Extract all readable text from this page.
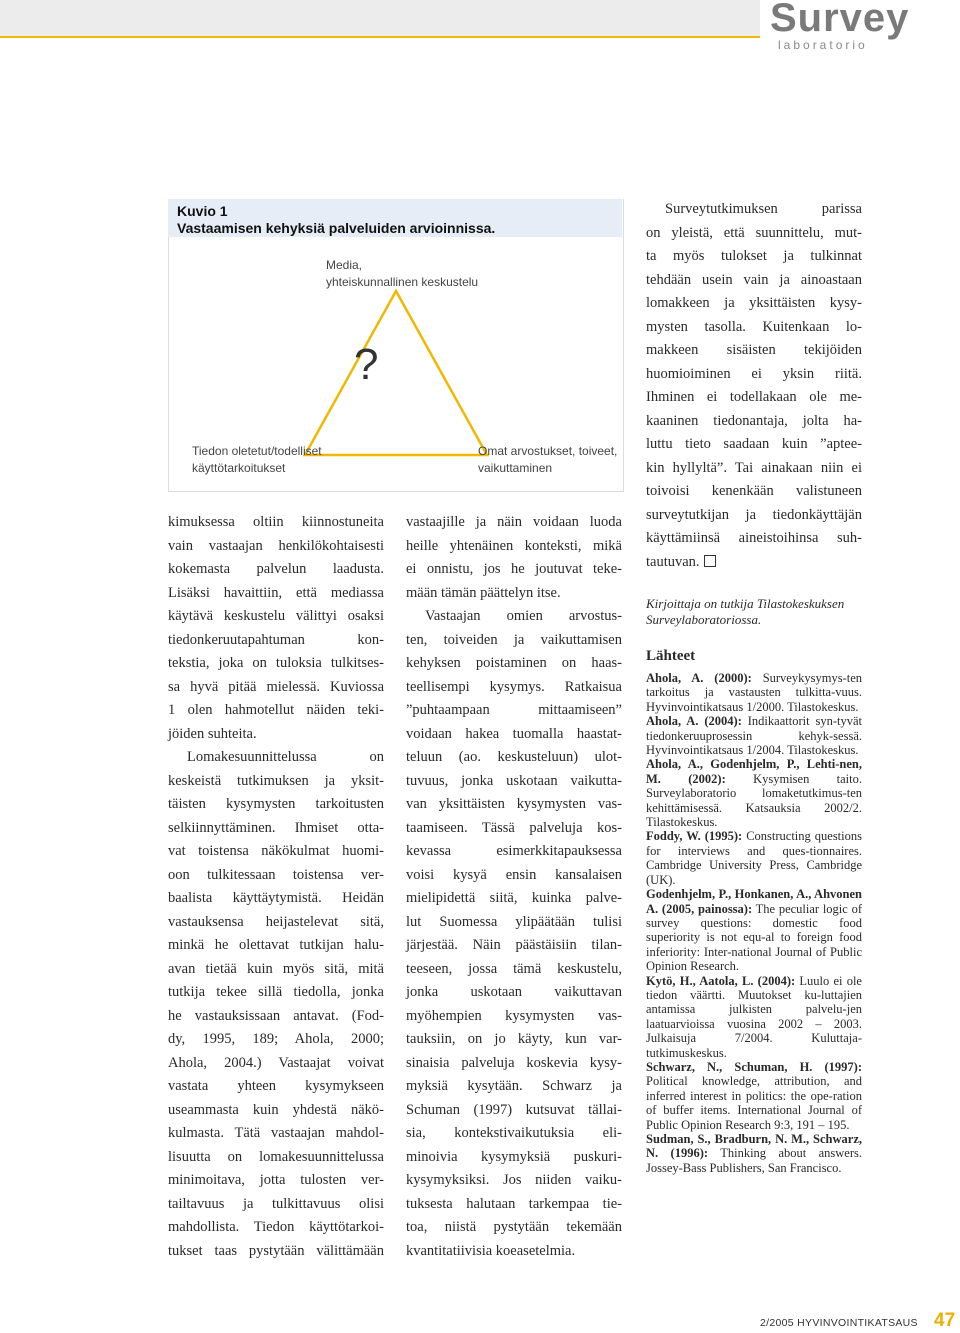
Survey
laboratorio
Kuvio 1
Vastaamisen kehyksiä palveluiden arvioinnissa.
?
Media,
yhteiskunnallinen keskustelu
Tiedon oletetut/todelliset
käyttötarkoitukset
Omat arvostukset, toiveet,
vaikuttaminen

kimuksessa oltiin kiinnostuneita
vain vastaajan henkilökohtaisesti
kokemasta palvelun laadusta.
Lisäksi havaittiin, että mediassa
käytävä keskustelu välittyi osaksi
tiedonkeruutapahtuman kon-
tekstia, joka on tuloksia tulkitses-
sa hyvä pitää mielessä. Kuviossa
1 olen hahmotellut näiden teki-
jöiden suhteita.

Lomakesuunnittelussa on
keskeistä tutkimuksen ja yksit-
täisten kysymysten tarkoitusten
selkiinnyttäminen. Ihmiset otta-
vat toistensa näkökulmat huomi-
oon tulkitessaan toistensa ver-
baalista käyttäytymistä. Heidän
vastauksensa heijastelevat sitä,
minkä he olettavat tutkijan halu-
avan tietää kuin myös sitä, mitä
tutkija tekee sillä tiedolla, jonka
he vastauksissaan antavat. (Fod-
dy, 1995, 189; Ahola, 2000;
Ahola, 2004.) Vastaajat voivat
vastata yhteen kysymykseen
useammasta kuin yhdestä näkö-
kulmasta. Tätä vastaajan mahdol-
lisuutta on lomakesuunnittelussa
minimoitava, jotta tulosten ver-
tailtavuus ja tulkittavuus olisi
mahdollista. Tiedon käyttötarkoi-
tukset taas pystytään välittämään

vastaajille ja näin voidaan luoda
heille yhtenäinen konteksti, mikä
ei onnistu, jos he joutuvat teke-
mään tämän päättelyn itse.

Vastaajan omien arvostus-
ten, toiveiden ja vaikuttamisen
kehyksen poistaminen on haas-
teellisempi kysymys. Ratkaisua
”puhtaampaan mittaamiseen”
voidaan hakea tuomalla haastat-
teluun (ao. keskusteluun) ulot-
tuvuus, jonka uskotaan vaikutta-
van yksittäisten kysymysten vas-
taamiseen. Tässä palveluja kos-
kevassa esimerkkitapauksessa
voisi kysyä ensin kansalaisen
mielipidettä siitä, kuinka palve-
lut Suomessa ylipäätään tulisi
järjestää. Näin päästäisiin tilan-
teeseen, jossa tämä keskustelu,
jonka uskotaan vaikuttavan
myöhempien kysymysten vas-
tauksiin, on jo käyty, kun var-
sinaisia palveluja koskevia kysy-
myksiä kysytään. Schwarz ja
Schuman (1997) kutsuvat tällai-
sia, kontekstivaikutuksia eli-
minoivia kysymyksiä puskuri-
kysymyksiksi. Jos niiden vaiku-
tuksesta halutaan tarkempaa tie-
toa, niistä pystytään tekemään
kvantitatiivisia koeasetelmia.

Surveytutkimuksen parissa
on yleistä, että suunnittelu, mut-
ta myös tulokset ja tulkinnat
tehdään usein vain ja ainoastaan
lomakkeen ja yksittäisten kysy-
mysten tasolla. Kuitenkaan lo-
makkeen sisäisten tekijöiden
huomioiminen ei yksin riitä.
Ihminen ei todellakaan ole me-
kaaninen tiedonantaja, jolta ha-
luttu tieto saadaan kuin ”aptee-
kin hyllyltä”. Tai ainakaan niin ei
toivoisi kenenkään valistuneen
surveytutkijan ja tiedonkäyttäjän
käyttämiinsä aineistoihinsa suh-
tautuvan.
Kirjoittaja on tutkija Tilastokeskuksen Surveylaboratoriossa.
Lähteet

Ahola, A. (2000): Surveykysymys-ten tarkoitus ja vastausten tulkitta-vuus. Hyvinvointikatsaus 1/2000. Tilastokeskus.

Ahola, A. (2004): Indikaattorit syn-tyvät tiedonkeruuprosessin kehyk-sessä. Hyvinvointikatsaus 1/2004. Tilastokeskus.

Ahola, A., Godenhjelm, P., Lehti-nen, M. (2002): Kysymisen taito. Surveylaboratorio lomaketutkimus-ten kehittämisessä. Katsauksia 2002/2. Tilastokeskus.

Foddy, W. (1995): Constructing questions for interviews and ques-tionnaires. Cambridge University Press, Cambridge (UK).

Godenhjelm, P., Honkanen, A., Ahvonen A. (2005, painossa): The peculiar logic of survey questions: domestic food superiority is not equ-al to foreign food inferiority: Inter-national Journal of Public Opinion Research.

Kytö, H., Aatola, L. (2004): Luulo ei ole tiedon väärtti. Muutokset ku-luttajien antamissa julkisten palvelu-jen laatuarvioissa vuosina 2002 – 2003. Julkaisuja 7/2004. Kuluttaja-tutkimuskeskus.

Schwarz, N., Schuman, H. (1997): Political knowledge, attribution, and inferred interest in politics: the ope-ration of buffer items. International Journal of Public Opinion Research 9:3, 191 – 195.

Sudman, S., Bradburn, N. M., Schwarz, N. (1996): Thinking about answers. Jossey-Bass Publishers, San Francisco.

2/2005 HYVINVOINTIKATSAUS 47
